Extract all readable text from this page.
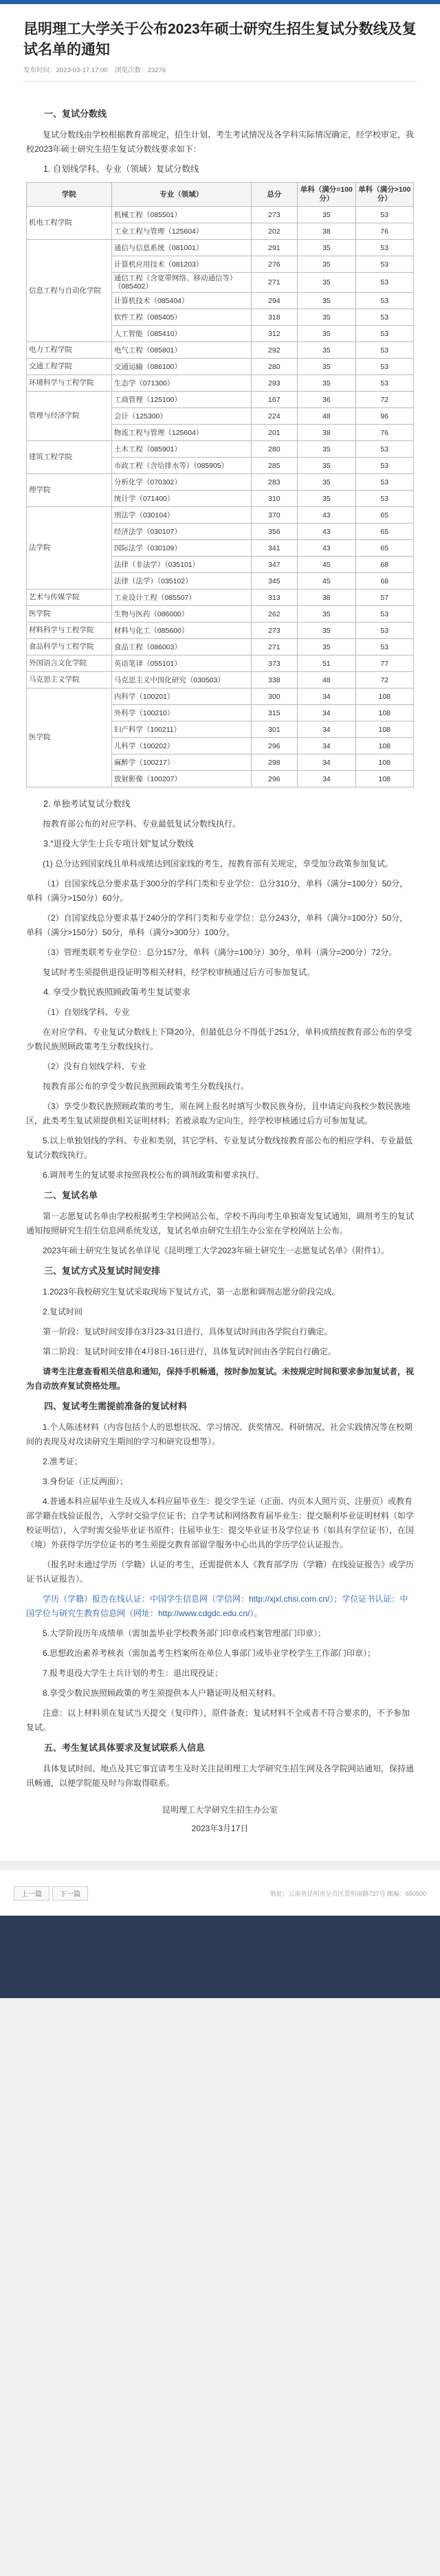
昆明理工大学关于公布2023年硕士研究生招生复试分数线及复试名单的通知
发布时间：2023-03-17 17:00 浏览次数：23276
一、复试分数线

复试分数线由学校根据教育部规定，招生计划、考生考试情况及各学科实际情况确定，经学校审定，我校2023年硕士研究生招生复试分数线要求如下：

1. 自划线学科、专业（领域）复试分数线

学院	专业（领域）	总分	单科（满分=100分）	单科（满分>100分）
机电工程学院	机械工程（085501）	273	35	53
	工业工程与管理（125604）	202	38	76
信息工程与自动化学院	通信与信息系统（081001）	291	35	53
	计算机应用技术（081203）	276	35	53
	通信工程（含宽带网络、移动通信等）（085402）	271	35	53
	计算机技术（085404）	294	35	53
	软件工程（085405）	318	35	53
	人工智能（085410）	312	35	53
电力工程学院	电气工程（085801）	292	35	53
交通工程学院	交通运输（086100）	280	35	53
环境科学与工程学院	生态学（071300）	293	35	53
管理与经济学院	工商管理（125100）	167	36	72
	会计（125300）	224	48	96
	物流工程与管理（125604）	201	38	76
建筑工程学院	土木工程（085901）	280	35	53
	市政工程（含给排水等）（085905）	285	35	53
理学院	分析化学（070302）	283	35	53
	统计学（071400）	310	35	53
法学院	刑法学（030104）	370	43	65
	经济法学（030107）	356	43	65
	国际法学（030109）	341	43	65
	法律（非法学）（035101）	347	45	68
	法律（法学）（035102）	345	45	68
艺术与传媒学院	工业设计工程（085507）	313	38	57
医学院	生物与医药（086000）	262	35	53
材料科学与工程学院	材料与化工（085600）	273	35	53
食品科学与工程学院	食品工程（086003）	271	35	53
外国语言文化学院	英语笔译（055101）	373	51	77
马克思主义学院	马克思主义中国化研究（030503）	338	48	72
医学院	内科学（100201）	300	34	108
	外科学（100210）	315	34	108
	妇产科学（100211）	301	34	108
	儿科学（100202）	296	34	108
	麻醉学（100217）	298	34	108
	放射影像（100207）	296	34	108

2. 单独考试复试分数线

按教育部公布的对应学科、专业最低复试分数线执行。

3.“退役大学生士兵专项计划”复试分数线

(1) 总分达到国家线且单科成绩达到国家线的考生，按教育部有关规定，享受加分政策参加复试。

（1）自国家线总分要求基于300分的学科门类和专业学位：总分310分，单科（满分=100分）50分，单科（满分>150分）60分。

（2）自国家线总分要求基于240分的学科门类和专业学位：总分243分，单科（满分=100分）50分，单科（满分>150分）50分，单科（满分>300分）100分。

（3）管理类联考专业学位：总分157分，单科（满分=100分）30分，单科（满分=200分）72分。

复试时考生须提供退役证明等相关材料，经学校审核通过后方可参加复试。

4. 享受少数民族照顾政策考生复试要求

（1）自划线学科、专业

在对应学科、专业复试分数线上下降20分，但最低总分不得低于251分，单科成绩按教育部公布的享受少数民族照顾政策考生分数线执行。

（2）没有自划线学科、专业

按教育部公布的享受少数民族照顾政策考生分数线执行。

（3）享受少数民族照顾政策的考生，须在网上报名时填写少数民族身份，且申请定向我校少数民族地区，此类考生复试须提供相关证明材料；若被录取为定向生，经学校审核通过后方可参加复试。

5.以上单独划线的学科、专业和类别，其它学科、专业复试分数线按教育部公布的相应学科、专业最低复试分数线执行。

6.调剂考生的复试要求按照我校公布的调剂政策和要求执行。

二、复试名单

第一志愿复试名单由学校根据考生学校网站公布，学校不再向考生单独寄发复试通知，调剂考生的复试通知按照研究生招生信息网系统发送，复试名单由研究生招生办公室在学校网站上公布。

2023年硕士研究生复试名单详见《昆明理工大学2023年硕士研究生一志愿复试名单》（附件1）。

三、复试方式及复试时间安排

1.2023年我校研究生复试采取现场下复试方式，第一志愿和调剂志愿分阶段完成。

2.复试时间

第一阶段：复试时间安排在3月23-31日进行，具体复试时间由各学院自行确定。

第二阶段：复试时间安排在4月8日-16日进行，具体复试时间由各学院自行确定。

请考生注意查看相关信息和通知，保持手机畅通，按时参加复试。未按规定时间和要求参加复试者，视为自动放弃复试资格处理。

四、复试考生需提前准备的复试材料

1.个人陈述材料（内容包括个人的思想状况、学习情况、获奖情况、科研情况、社会实践情况等在校期间的表现及对攻读研究生期间的学习和研究设想等）。

2.准考证；

3.身份证（正反两面）；

4.普通本科应届毕业生及成人本科应届毕业生：提交学生证（正面、内页本人照片页、注册页）或教育部学籍在线验证报告，入学时交验学位证书；自学考试和网络教育届毕业生：提交顺利毕业证明材料（如学校证明信），入学时需交验毕业证书原件；往届毕业生：提交毕业证书及学位证书（如具有学位证书），在国（境）外获得学历学位证书的考生须提交教育部留学服务中心出具的学历学位认证报告。

（报名时未通过学历（学籍）认证的考生，还需提供本人《教育部学历（学籍）在线验证报告》或学历证书认证报告）。

学历（学籍）报告在线认证：中国学生信息网（学信网：http://xjxl.chsi.com.cn/）；学位证书认证：中国学位与研究生教育信息网（网址：http://www.cdgdc.edu.cn/）。

5.大学阶段历年成绩单（需加盖毕业学校教务部门印章或档案管理部门印章）；

6.思想政治素养考核表（需加盖考生档案所在单位人事部门或毕业学校学生工作部门印章）；

7.报考退役大学生士兵计划的考生：退出现役证；

8.享受少数民族照顾政策的考生须提供本人户籍证明及相关材料。

注意：以上材料须在复试当天提交（复印件），原件备查；复试材料不全或者不符合要求的，不予参加复试。

五、考生复试具体要求及复试联系人信息

具体复试时间、地点及其它事宜请考生及时关注昆明理工大学研究生招生网及各学院网站通知，保持通讯畅通，以便学院能及时与你取得联系。

昆明理工大学研究生招生办公室

2023年3月17日

上一篇	下一篇	地址：云南省昆明市呈贡区景明南路727号 邮编：650500
